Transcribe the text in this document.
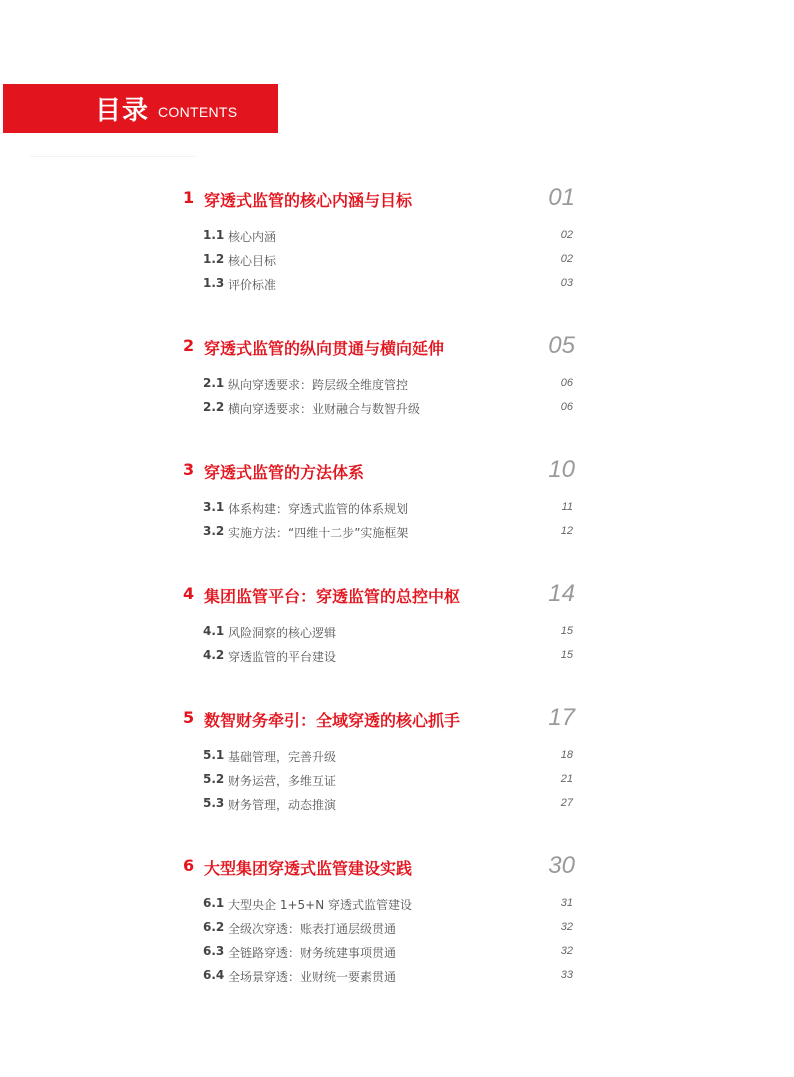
目录 CONTENTS
1 穿透式监管的核心内涵与目标	01
1.1 核心内涵	02
1.2 核心目标	02
1.3 评价标准	03
2 穿透式监管的纵向贯通与横向延伸	05
2.1 纵向穿透要求：跨层级全维度管控	06
2.2 横向穿透要求：业财融合与数智升级	06
3 穿透式监管的方法体系	10
3.1 体系构建：穿透式监管的体系规划	11
3.2 实施方法：“四维十二步”实施框架	12
4 集团监管平台：穿透监管的总控中枢	14
4.1 风险洞察的核心逻辑	15
4.2 穿透监管的平台建设	15
5 数智财务牵引：全域穿透的核心抓手	17
5.1 基础管理，完善升级	18
5.2 财务运营，多维互证	21
5.3 财务管理，动态推演	27
6 大型集团穿透式监管建设实践	30
6.1 大型央企 1+5+N 穿透式监管建设	31
6.2 全级次穿透：账表打通层级贯通	32
6.3 全链路穿透：财务统建事项贯通	32
6.4 全场景穿透：业财统一要素贯通	33
